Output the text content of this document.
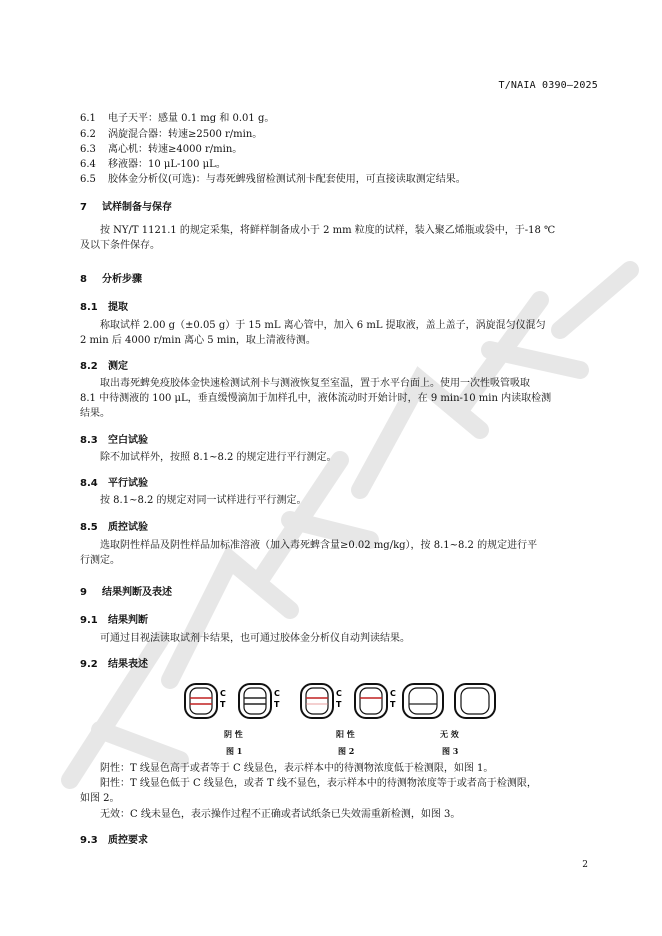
T/NAIA 0390—2025
6.1 电子天平：感量 0.1 mg 和 0.01 g。
6.2 涡旋混合器：转速≥2500 r/min。
6.3 离心机：转速≥4000 r/min。
6.4 移液器：10 μL-100 μL。
6.5 胶体金分析仪(可选)：与毒死蜱残留检测试剂卡配套使用，可直接读取测定结果。
7 试样制备与保存
按 NY/T 1121.1 的规定采集，将鲜样制备成小于 2 mm 粒度的试样，装入聚乙烯瓶或袋中，于-18 ℃
及以下条件保存。
8 分析步骤
8.1 提取
称取试样 2.00 g（±0.05 g）于 15 mL 离心管中，加入 6 mL 提取液，盖上盖子，涡旋混匀仪混匀
2 min 后 4000 r/min 离心 5 min，取上清液待测。
8.2 测定
取出毒死蜱免疫胶体金快速检测试剂卡与测液恢复至室温，置于水平台面上。使用一次性吸管吸取
8.1 中待测液的 100 μL，垂直缓慢滴加于加样孔中，液体流动时开始计时，在 9 min-10 min 内读取检测
结果。
8.3 空白试验
除不加试样外，按照 8.1~8.2 的规定进行平行测定。
8.4 平行试验
按 8.1~8.2 的规定对同一试样进行平行测定。
8.5 质控试验
选取阴性样品及阴性样品加标准溶液（加入毒死蜱含量≥0.02 mg/kg），按 8.1~8.2 的规定进行平
行测定。
9 结果判断及表述
9.1 结果判断
可通过目视法读取试剂卡结果，也可通过胶体金分析仪自动判读结果。
9.2 结果表述
C
T
C
T
C
T
C
T
阴 性	阳 性	无 效
图 1	图 2	图 3
阴性：T 线显色高于或者等于 C 线显色，表示样本中的待测物浓度低于检测限，如图 1。
阳性：T 线显色低于 C 线显色，或者 T 线不显色，表示样本中的待测物浓度等于或者高于检测限，
如图 2。
无效：C 线未显色，表示操作过程不正确或者试纸条已失效需重新检测，如图 3。
9.3 质控要求
2
